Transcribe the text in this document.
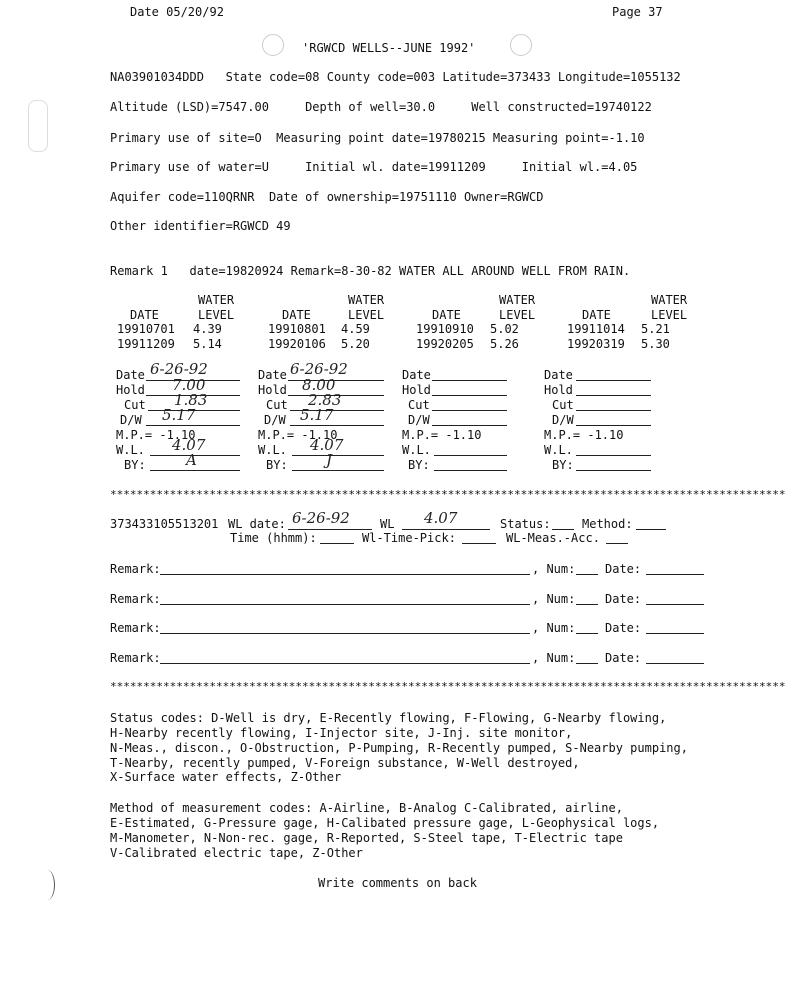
Date 05/20/92	Page 37
'RGWCD WELLS--JUNE 1992'
NA03901034DDD   State code=08 County code=003 Latitude=373433 Longitude=1055132
Altitude (LSD)=7547.00     Depth of well=30.0     Well constructed=19740122
Primary use of site=O  Measuring point date=19780215 Measuring point=-1.10
Primary use of water=U     Initial wl. date=19911209     Initial wl.=4.05
Aquifer code=110QRNR  Date of ownership=19751110 Owner=RGWCD
Other identifier=RGWCD 49
Remark 1   date=19820924 Remark=8-30-82 WATER ALL AROUND WELL FROM RAIN.
WATER
DATE	LEVEL
19910701 4.39
19911209 5.14
WATER
DATE	LEVEL
19910801 4.59
19920106 5.20
WATER
DATE	LEVEL
19910910 5.02
19920205 5.26
WATER
DATE	LEVEL
19911014 5.21
19920319 5.30
Date 6-26-92
Hold 7.00
Cut 1.83
D/W 5.17
M.P.= -1.10
W.L. 4.07
BY:	A
Date 6-26-92
Hold 8.00
Cut 2.83
D/W 5.17
M.P.= -1.10
W.L. 4.07
BY:	J
Date
Hold
Cut
D/W
M.P.= -1.10
W.L.
BY:
Date
Hold
Cut
D/W
M.P.= -1.10
W.L.
BY:
******************************************************************************************************
373433105513201 WL date: 6-26-92	WL 4.07	Status:	Method:
Time (hhmm):	Wl-Time-Pick:	WL-Meas.-Acc.
Remark:	, Num: Date:
Remark:	, Num: Date:
Remark:	, Num: Date:
Remark:	, Num: Date:
******************************************************************************************************
Status codes: D-Well is dry, E-Recently flowing, F-Flowing, G-Nearby flowing,
H-Nearby recently flowing, I-Injector site, J-Inj. site monitor,
N-Meas., discon., O-Obstruction, P-Pumping, R-Recently pumped, S-Nearby pumping,
T-Nearby, recently pumped, V-Foreign substance, W-Well destroyed,
X-Surface water effects, Z-Other
Method of measurement codes: A-Airline, B-Analog C-Calibrated, airline,
E-Estimated, G-Pressure gage, H-Calibated pressure gage, L-Geophysical logs,
M-Manometer, N-Non-rec. gage, R-Reported, S-Steel tape, T-Electric tape
V-Calibrated electric tape, Z-Other
Write comments on back
